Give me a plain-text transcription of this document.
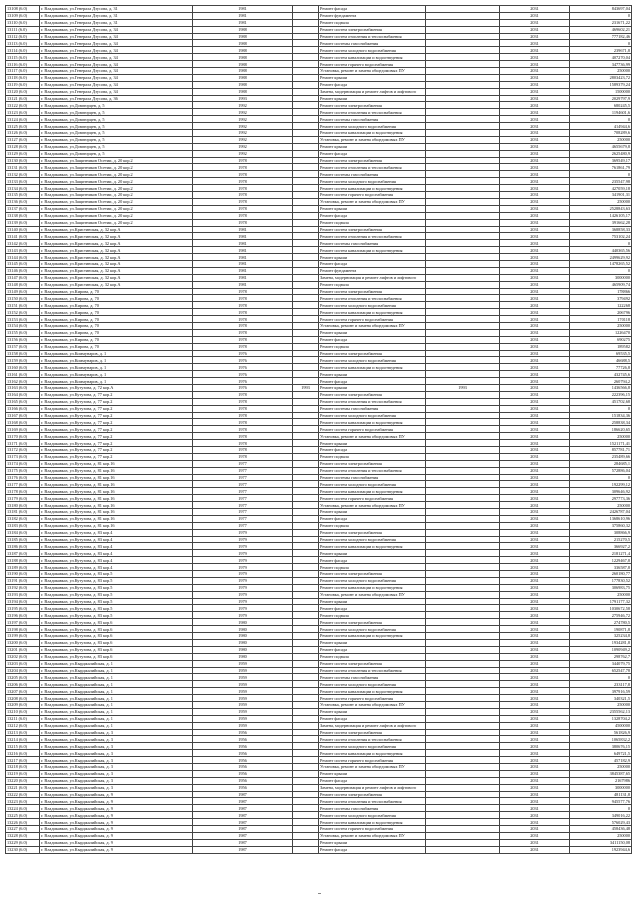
13108 (6.0)	г. Владикавказ, ул.Генерала Дзусова, д. 31	1981		Ремонт фасада		2031	843697,04
13109 (6.0)	г. Владикавказ, ул.Генерала Дзусова, д. 31	1981		Ремонт фундамента		2031	0
13110 (6.0)	г. Владикавказ, ул.Генерала Дзусова, д. 31	1981		Ремонт подвала		2031	231671,22
13111 (6.0)	г. Владикавказ, ул.Генерала Дзусова, д. 34	1988		Ремонт систем электроснабжения		2031	469602,21
13112 (6.0)	г. Владикавказ, ул.Генерала Дзусова, д. 34	1988		Ремонт систем отопления и теплоснабжения		2031	777182,46
13113 (6.0)	г. Владикавказ, ул.Генерала Дзусова, д. 34	1988		Ремонт системы газоснабжения		2031	0
13114 (6.0)	г. Владикавказ, ул.Генерала Дзусова, д. 34	1988		Ремонт систем холодного водоснабжения		2031	239671,8
13115 (6.0)	г. Владикавказ, ул.Генерала Дзусова, д. 34	1988		Ремонт систем канализации и водоотведения		2031	407270,04
13116 (6.0)	г. Владикавказ, ул.Генерала Дзусова, д. 34	1988		Ремонт систем горячего водоснабжения		2031	347736,99
13117 (6.0)	г. Владикавказ, ул.Генерала Дзусова, д. 34	1988		Установка, ремонт и замена общедомовых ПУ		2031	250000
13118 (6.0)	г. Владикавказ, ул.Генерала Дзусова, д. 34	1988		Ремонт крыши		2031	2803423,72
13119 (6.0)	г. Владикавказ, ул.Генерала Дзусова, д. 34	1988		Ремонт фасада		2031	1589379,24
13120 (6.0)	г. Владикавказ, ул.Генерала Дзусова, д. 34	1988		Замена, модернизация и ремонт лифтов и лифтового		2031	1500000
13121 (6.0)	г. Владикавказ, ул.Генерала Дзусова, д. 36	1993		Ремонт крыши		2031	2029797,9
13122 (6.0)	г. Владикавказ, ул.Доваторцев, д. 5	1992		Ремонт систем электроснабжения		2031	680245,5
13123 (6.0)	г. Владикавказ, ул.Доваторцев, д. 5	1992		Ремонт систем отопления и теплоснабжения		2031	1194601,6
13124 (6.0)	г. Владикавказ, ул.Доваторцев, д. 5	1992		Ремонт системы газоснабжения		2031	0
13125 (6.0)	г. Владикавказ, ул.Доваторцев, д. 5	1992		Ремонт систем холодного водоснабжения		2031	414944,6
13126 (6.0)	г. Владикавказ, ул.Доваторцев, д. 5	1992		Ремонт систем канализации и водоотведения		2031	708289,6
13127 (6.0)	г. Владикавказ, ул.Доваторцев, д. 5	1992		Установка, ремонт и замена общедомовых ПУ		2031	250000
13128 (6.0)	г. Владикавказ, ул.Доваторцев, д. 5	1992		Ремонт крыши		2031	4655679,8
13129 (6.0)	г. Владикавказ, ул.Доваторцев, д. 5	1992		Ремонт фасада		2031	2625480,9
13130 (6.0)	г. Владикавказ, ул.Защитников Осетии, д. 20 кор.2	1978		Ремонт систем электроснабжения		2031	369549,17
13131 (6.0)	г. Владикавказ, ул.Защитников Осетии, д. 20 кор.2	1978		Ремонт систем отопления и теплоснабжения		2031	761861,79
13132 (6.0)	г. Владикавказ, ул.Защитников Осетии, д. 20 кор.2	1978		Ремонт системы газоснабжения		2031	0
13133 (6.0)	г. Владикавказ, ул.Защитников Осетии, д. 20 кор.2	1978		Ремонт систем холодного водоснабжения		2031	235547,98
13134 (6.0)	г. Владикавказ, ул.Защитников Осетии, д. 20 кор.2	1978		Ремонт систем канализации и водоотведения		2031	427059,18
13135 (6.0)	г. Владикавказ, ул.Защитников Осетии, д. 20 кор.2	1978		Ремонт систем горячего водоснабжения		2031	341901,31
13136 (6.0)	г. Владикавказ, ул.Защитников Осетии, д. 20 кор.2	1978		Установка, ремонт и замена общедомовых ПУ		2031	250000
13137 (6.0)	г. Владикавказ, ул.Защитников Осетии, д. 20 кор.2	1978		Ремонт крыши		2031	2528843,63
13138 (6.0)	г. Владикавказ, ул.Защитников Осетии, д. 20 кор.2	1978		Ремонт фасада		2031	1426105,17
13139 (6.0)	г. Владикавказ, ул.Защитников Осетии, д. 20 кор.2	1978		Ремонт подвала		2031	391662,28
13140 (6.0)	г. Владикавказ, ул.Кристинская, д. 32 кор.А	1981		Ремонт систем электроснабжения		2031	368858,33
13141 (6.0)	г. Владикавказ, ул.Кристинская, д. 32 кор.А	1981		Ремонт систем отопления и теплоснабжения		2031	753102,24
13142 (6.0)	г. Владикавказ, ул.Кристинская, д. 32 кор.А	1981		Ремонт системы газоснабжения		2031	0
13143 (6.0)	г. Владикавказ, ул.Кристинская, д. 32 кор.А	1981		Ремонт систем канализации и водоотведения		2031	440365,56
13144 (6.0)	г. Владикавказ, ул.Кристинская, д. 32 кор.А	1981		Ремонт крыши		2031	2499629,92
13145 (6.0)	г. Владикавказ, ул.Кристинская, д. 32 кор.А	1981		Ремонт фасада		2031	1478265,52
13146 (6.0)	г. Владикавказ, ул.Кристинская, д. 32 кор.А	1981		Ремонт фундамента		2031	0
13147 (6.0)	г. Владикавказ, ул.Кристинская, д. 32 кор.А	1981		Замена, модернизация и ремонт лифтов и лифтового		2031	3000000
13148 (6.0)	г. Владикавказ, ул.Кристинская, д. 32 кор.А	1981		Ремонт подвала		2031	465909,74
13149 (6.0)	г. Владикавказ, ул.Кирова, д. 70	1978		Ремонт систем электроснабжения		2031	178866
13150 (6.0)	г. Владикавказ, ул.Кирова, д. 70	1978		Ремонт систем отопления и теплоснабжения		2031	379492
13151 (6.0)	г. Владикавказ, ул.Кирова, д. 70	1978		Ремонт систем холодного водоснабжения		2031	122268
13152 (6.0)	г. Владикавказ, ул.Кирова, д. 70	1978		Ремонт систем канализации и водоотведения		2031	206796
13153 (6.0)	г. Владикавказ, ул.Кирова, д. 70	1978		Ремонт систем горячего водоснабжения		2031	170118
13154 (6.0)	г. Владикавказ, ул.Кирова, д. 70	1978		Установка, ремонт и замена общедомовых ПУ		2031	250000
13155 (6.0)	г. Владикавказ, ул.Кирова, д. 70	1978		Ремонт крыши		2031	1226470
13156 (6.0)	г. Владикавказ, ул.Кирова, д. 70	1978		Ремонт фасада		2031	690275
13157 (6.0)	г. Владикавказ, ул.Кирова, д. 70	1978		Ремонт подвала		2031	189582
13158 (6.0)	г. Владикавказ, ул.Коммунаров, д. 1	1976		Ремонт систем электроснабжения		2031	69535,5
13159 (6.0)	г. Владикавказ, ул.Коммунаров, д. 1	1976		Ремонт систем холодного водоснабжения		2031	46688,5
13160 (6.0)	г. Владикавказ, ул.Коммунаров, д. 1	1976		Ремонт систем канализации и водоотведения		2031	77726,8
13161 (6.0)	г. Владикавказ, ул.Коммунаров, д. 1	1976		Ремонт крыши		2031	432745,6
13162 (6.0)	г. Владикавказ, ул.Коммунаров, д. 1	1976		Ремонт фасада		2031	260794,2
13163 (6.0)	г. Владикавказ, ул.Кутузова, д. 72 кор.А	1976	1993	Ремонт крыши	1993	2031	1436566,8
13164 (6.0)	г. Владикавказ, ул.Кутузова, д. 77 кор.2	1978		Ремонт систем электроснабжения		2031	222396,15
13165 (6.0)	г. Владикавказ, ул.Кутузова, д. 77 кор.2	1978		Ремонт систем отопления и теплоснабжения		2031	451702,68
13166 (6.0)	г. Владикавказ, ул.Кутузова, д. 77 кор.2	1978		Ремонт системы газоснабжения		2031	0
13167 (6.0)	г. Владикавказ, ул.Кутузова, д. 77 кор.2	1978		Ремонт систем холодного водоснабжения		2031	151834,36
13168 (6.0)	г. Владикавказ, ул.Кутузова, д. 77 кор.2	1978		Ремонт систем канализации и водоотведения		2031	258838,34
13169 (6.0)	г. Владикавказ, ул.Кутузова, д. 77 кор.2	1978		Ремонт систем горячего водоснабжения		2031	186620,65
13170 (6.0)	г. Владикавказ, ул.Кутузова, д. 77 кор.2	1978		Установка, ремонт и замена общедомовых ПУ		2031	250000
13171 (6.0)	г. Владикавказ, ул.Кутузова, д. 77 кор.2	1978		Ремонт крыши		2031	1521171,41
13172 (6.0)	г. Владикавказ, ул.Кутузова, д. 77 кор.2	1978		Ремонт фасада		2031	857781,71
13173 (6.0)	г. Владикавказ, ул.Кутузова, д. 77 кор.2	1978		Ремонт подвала		2031	235489,66
13174 (6.0)	г. Владикавказ, ул.Кутузова, д. 81 кор.16	1977		Ремонт систем электроснабжения		2031	284685,1
13175 (6.0)	г. Владикавказ, ул.Кутузова, д. 81 кор.16	1977		Ремонт систем отопления и теплоснабжения		2031	572886,04
13176 (6.0)	г. Владикавказ, ул.Кутузова, д. 81 кор.16	1977		Ремонт системы газоснабжения		2031	0
13177 (6.0)	г. Владикавказ, ул.Кутузова, д. 81 кор.16	1977		Ремонт систем холодного водоснабжения		2031	192299,12
13178 (6.0)	г. Владикавказ, ул.Кутузова, д. 81 кор.16	1977		Ремонт систем канализации и водоотведения		2031	309646,92
13179 (6.0)	г. Владикавказ, ул.Кутузова, д. 81 кор.16	1977		Ремонт систем горячего водоснабжения		2031	297773,36
13180 (6.0)	г. Владикавказ, ул.Кутузова, д. 81 кор.16	1977		Установка, ремонт и замена общедомовых ПУ		2031	250000
13181 (6.0)	г. Владикавказ, ул.Кутузова, д. 81 кор.16	1977		Ремонт крыши		2031	2426787,04
13182 (6.0)	г. Владикавказ, ул.Кутузова, д. 81 кор.16	1977		Ремонт фасада		2031	1368610,96
13183 (6.0)	г. Владикавказ, ул.Кутузова, д. 81 кор.16	1977		Ремонт подвала		2031	375860,32
13184 (6.0)	г. Владикавказ, ул.Кутузова, д. 83 кор.4	1979		Ремонт систем электроснабжения		2031	308866,9
13185 (6.0)	г. Владикавказ, ул.Кутузова, д. 83 кор.4	1979		Ремонт систем холодного водоснабжения		2031	215270,5
13186 (6.0)	г. Владикавказ, ул.Кутузова, д. 83 кор.4	1979		Ремонт систем канализации и водоотведения		2031	366927,2
13187 (6.0)	г. Владикавказ, ул.Кутузова, д. 83 кор.4	1979		Ремонт крыши		2031	2181271,4
13188 (6.0)	г. Владикавказ, ул.Кутузова, д. 83 кор.4	1979		Ремонт фасада		2031	1229467,8
13189 (6.0)	г. Владикавказ, ул.Кутузова, д. 83 кор.4	1979		Ремонт подвала		2031	336587,8
13190 (6.0)	г. Владикавказ, ул.Кутузова, д. 83 кор.5	1979		Ремонт систем электроснабжения		2031	260180,77
13191 (6.0)	г. Владикавказ, ул.Кутузова, д. 83 кор.5	1979		Ремонт систем холодного водоснабжения		2031	177830,52
13192 (6.0)	г. Владикавказ, ул.Кутузова, д. 83 кор.5	1979		Ремонт систем канализации и водоотведения		2031	306983,75
13193 (6.0)	г. Владикавказ, ул.Кутузова, д. 83 кор.5	1979		Установка, ремонт и замена общедомовых ПУ		2031	250000
13194 (6.0)	г. Владикавказ, ул.Кутузова, д. 83 кор.5	1979		Ремонт крыши		2031	1791177,32
13195 (6.0)	г. Владикавказ, ул.Кутузова, д. 83 кор.5	1979		Ремонт фасада		2031	1030672,58
13196 (6.0)	г. Владикавказ, ул.Кутузова, д. 83 кор.5	1979		Ремонт подвала		2031	275946,72
13197 (6.0)	г. Владикавказ, ул.Кутузова, д. 83 кор.6	1980		Ремонт систем электроснабжения		2031	274780,5
13198 (6.0)	г. Владикавказ, ул.Кутузова, д. 83 кор.6	1980		Ремонт систем холодного водоснабжения		2031	190871,8
13199 (6.0)	г. Владикавказ, ул.Кутузова, д. 83 кор.6	1980		Ремонт систем канализации и водоотведения		2031	325234,8
13200 (6.0)	г. Владикавказ, ул.Кутузова, д. 83 кор.6	1980		Ремонт крыши		2031	1934281,8
13201 (6.0)	г. Владикавказ, ул.Кутузова, д. 83 кор.6	1980		Ремонт фасада		2031	1090949,2
13202 (6.0)	г. Владикавказ, ул.Кутузова, д. 83 кор.6	1980		Ремонт подвала		2031	298762,7
13203 (6.0)	г. Владикавказ, ул.Кырджалийская, д. 1	1959		Ремонт систем электроснабжения		2031	344079,75
13204 (6.0)	г. Владикавказ, ул.Кырджалийская, д. 1	1959		Ремонт систем отопления и теплоснабжения		2031	652547,78
13205 (6.0)	г. Владикавказ, ул.Кырджалийская, д. 1	1959		Ремонт системы газоснабжения		2031	0
13206 (6.0)	г. Владикавказ, ул.Кырджалийская, д. 1	1959		Ремонт систем холодного водоснабжения		2031	233117,8
13207 (6.0)	г. Владикавказ, ул.Кырджалийская, д. 1	1959		Ремонт систем канализации и водоотведения		2031	397916,59
13208 (6.0)	г. Владикавказ, ул.Кырджалийская, д. 1	1959		Ремонт систем горячего водоснабжения		2031	340321,5
13209 (6.0)	г. Владикавказ, ул.Кырджалийская, д. 1	1959		Установка, ремонт и замена общедомовых ПУ		2031	250000
13210 (6.0)	г. Владикавказ, ул.Кырджалийская, д. 1	1959		Ремонт крыши		2031	2355562,13
13211 (6.0)	г. Владикавказ, ул.Кырджалийская, д. 1	1959		Ремонт фасада		2031	1328704,2
13212 (6.0)	г. Владикавказ, ул.Кырджалийская, д. 1	1959		Замена, модернизация и ремонт лифтов и лифтового		2031	4500000
13213 (6.0)	г. Владикавказ, ул.Кырджалийская, д. 3	1956		Ремонт систем электроснабжения		2031	561826,9
13214 (6.0)	г. Владикавказ, ул.Кырджалийская, д. 3	1956		Ремонт систем отопления и теплоснабжения		2031	1065832,2
13215 (6.0)	г. Владикавказ, ул.Кырджалийская, д. 3	1956		Ремонт систем холодного водоснабжения		2031	380676,15
13216 (6.0)	г. Владикавказ, ул.Кырджалийская, д. 3	1956		Ремонт систем канализации и водоотведения		2031	649721,5
13217 (6.0)	г. Владикавказ, ул.Кырджалийская, д. 3	1956		Ремонт систем горячего водоснабжения		2031	457182,9
13218 (6.0)	г. Владикавказ, ул.Кырджалийская, д. 3	1956		Установка, ремонт и замена общедомовых ПУ		2031	250000
13219 (6.0)	г. Владикавказ, ул.Кырджалийская, д. 3	1956		Ремонт крыши		2031	3845387,65
13220 (6.0)	г. Владикавказ, ул.Кырджалийская, д. 3	1956		Ремонт фасада		2031	2167986
13221 (6.0)	г. Владикавказ, ул.Кырджалийская, д. 3	1956		Замена, модернизация и ремонт лифтов и лифтового		2031	3000000
13222 (6.0)	г. Владикавказ, ул.Кырджалийская, д. 9	1987		Ремонт систем электроснабжения		2031	481131,8
13223 (6.0)	г. Владикавказ, ул.Кырджалийская, д. 9	1987		Ремонт систем отопления и теплоснабжения		2031	945577,76
13224 (6.0)	г. Владикавказ, ул.Кырджалийская, д. 9	1987		Ремонт системы газоснабжения		2031	0
13225 (6.0)	г. Владикавказ, ул.Кырджалийская, д. 9	1987		Ремонт систем холодного водоснабжения		2031	349016,22
13226 (6.0)	г. Владикавказ, ул.Кырджалийская, д. 9	1987		Ремонт систем канализации и водоотведения		2031	576029,43
13227 (6.0)	г. Владикавказ, ул.Кырджалийская, д. 9	1987		Ремонт систем горячего водоснабжения		2031	458436,48
13228 (6.0)	г. Владикавказ, ул.Кырджалийская, д. 9	1987		Установка, ремонт и замена общедомовых ПУ		2031	250000
13229 (6.0)	г. Владикавказ, ул.Кырджалийская, д. 9	1987		Ремонт крыши		2031	3411150,08
13230 (6.0)	г. Владикавказ, ул.Кырджалийская, д. 9	1987		Ремонт фасада		2031	1923944,6
